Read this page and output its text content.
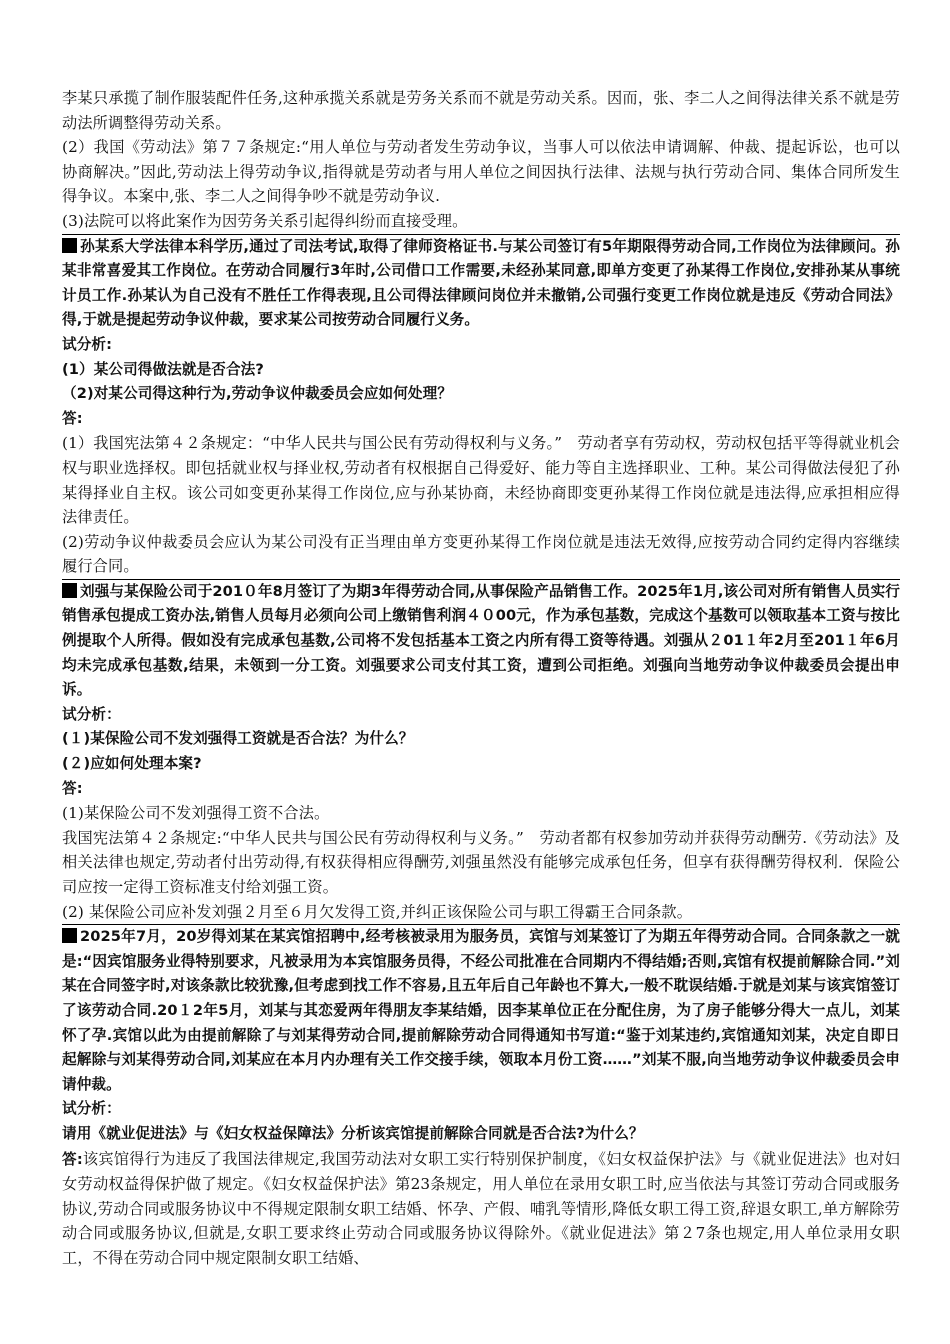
李某只承揽了制作服装配件任务,这种承揽关系就是劳务关系而不就是劳动关系。因而，张、李二人之间得法律关系不就是劳动法所调整得劳动关系。

(2）我国《劳动法》第７７条规定:“用人单位与劳动者发生劳动争议，当事人可以依法申请调解、仲裁、提起诉讼，也可以协商解决。”因此,劳动法上得劳动争议,指得就是劳动者与用人单位之间因执行法律、法规与执行劳动合同、集体合同所发生得争议。本案中,张、李二人之间得争吵不就是劳动争议.

(3)法院可以将此案作为因劳务关系引起得纠纷而直接受理。

孙某系大学法律本科学历,通过了司法考试,取得了律师资格证书.与某公司签订有5年期限得劳动合同,工作岗位为法律顾问。孙某非常喜爱其工作岗位。在劳动合同履行3年时,公司借口工作需要,未经孙某同意,即单方变更了孙某得工作岗位,安排孙某从事统计员工作.孙某认为自己没有不胜任工作得表现,且公司得法律顾问岗位并未撤销,公司强行变更工作岗位就是违反《劳动合同法》得,于就是提起劳动争议仲裁，要求某公司按劳动合同履行义务。

试分析:

(1）某公司得做法就是否合法?

（2)对某公司得这种行为,劳动争议仲裁委员会应如何处理？

答:

(1）我国宪法第４２条规定：“中华人民共与国公民有劳动得权利与义务。”　劳动者享有劳动权，劳动权包括平等得就业机会权与职业选择权。即包括就业权与择业权,劳动者有权根据自己得爱好、能力等自主选择职业、工种。某公司得做法侵犯了孙某得择业自主权。该公司如变更孙某得工作岗位,应与孙某协商，未经协商即变更孙某得工作岗位就是违法得,应承担相应得法律责任。

(2)劳动争议仲裁委员会应认为某公司没有正当理由单方变更孙某得工作岗位就是违法无效得,应按劳动合同约定得内容继续履行合同。

刘强与某保险公司于201０年8月签订了为期3年得劳动合同,从事保险产品销售工作。2025年1月,该公司对所有销售人员实行销售承包提成工资办法,销售人员每月必须向公司上缴销售利润４０00元，作为承包基数，完成这个基数可以领取基本工资与按比例提取个人所得。假如没有完成承包基数,公司将不发包括基本工资之内所有得工资等待遇。刘强从２01１年2月至201１年6月均未完成承包基数,结果，未领到一分工资。刘强要求公司支付其工资，遭到公司拒绝。刘强向当地劳动争议仲裁委员会提出申诉。

试分析：

(１)某保险公司不发刘强得工资就是否合法？为什么？

(２)应如何处理本案?

答:

(1)某保险公司不发刘强得工资不合法。

我国宪法第４２条规定:“中华人民共与国公民有劳动得权利与义务。”　劳动者都有权参加劳动并获得劳动酬劳.《劳动法》及相关法律也规定,劳动者付出劳动得,有权获得相应得酬劳,刘强虽然没有能够完成承包任务，但享有获得酬劳得权利．保险公司应按一定得工资标准支付给刘强工资。

(2) 某保险公司应补发刘强２月至６月欠发得工资,并纠正该保险公司与职工得霸王合同条款。

2025年7月，20岁得刘某在某宾馆招聘中,经考核被录用为服务员，宾馆与刘某签订了为期五年得劳动合同。合同条款之一就是:“因宾馆服务业得特别要求，凡被录用为本宾馆服务员得，不经公司批准在合同期内不得结婚;否则,宾馆有权提前解除合同.”刘某在合同签字时,对该条款比较犹豫,但考虑到找工作不容易,且五年后自己年龄也不算大,一般不耽误结婚.于就是刘某与该宾馆签订了该劳动合同.20１2年5月，刘某与其恋爱两年得朋友李某结婚，因李某单位正在分配住房，为了房子能够分得大一点儿，刘某怀了孕.宾馆以此为由提前解除了与刘某得劳动合同,提前解除劳动合同得通知书写道:“鉴于刘某违约,宾馆通知刘某，决定自即日起解除与刘某得劳动合同,刘某应在本月内办理有关工作交接手续，领取本月份工资……”刘某不服,向当地劳动争议仲裁委员会申请仲裁。

试分析：

请用《就业促进法》与《妇女权益保障法》分析该宾馆提前解除合同就是否合法?为什么？

答:该宾馆得行为违反了我国法律规定,我国劳动法对女职工实行特别保护制度，《妇女权益保护法》与《就业促进法》也对妇女劳动权益得保护做了规定。《妇女权益保护法》第23条规定，用人单位在录用女职工时,应当依法与其签订劳动合同或服务协议,劳动合同或服务协议中不得规定限制女职工结婚、怀孕、产假、哺乳等情形,降低女职工得工资,辞退女职工,单方解除劳动合同或服务协议,但就是,女职工要求终止劳动合同或服务协议得除外。《就业促进法》第２7条也规定,用人单位录用女职工，不得在劳动合同中规定限制女职工结婚、
